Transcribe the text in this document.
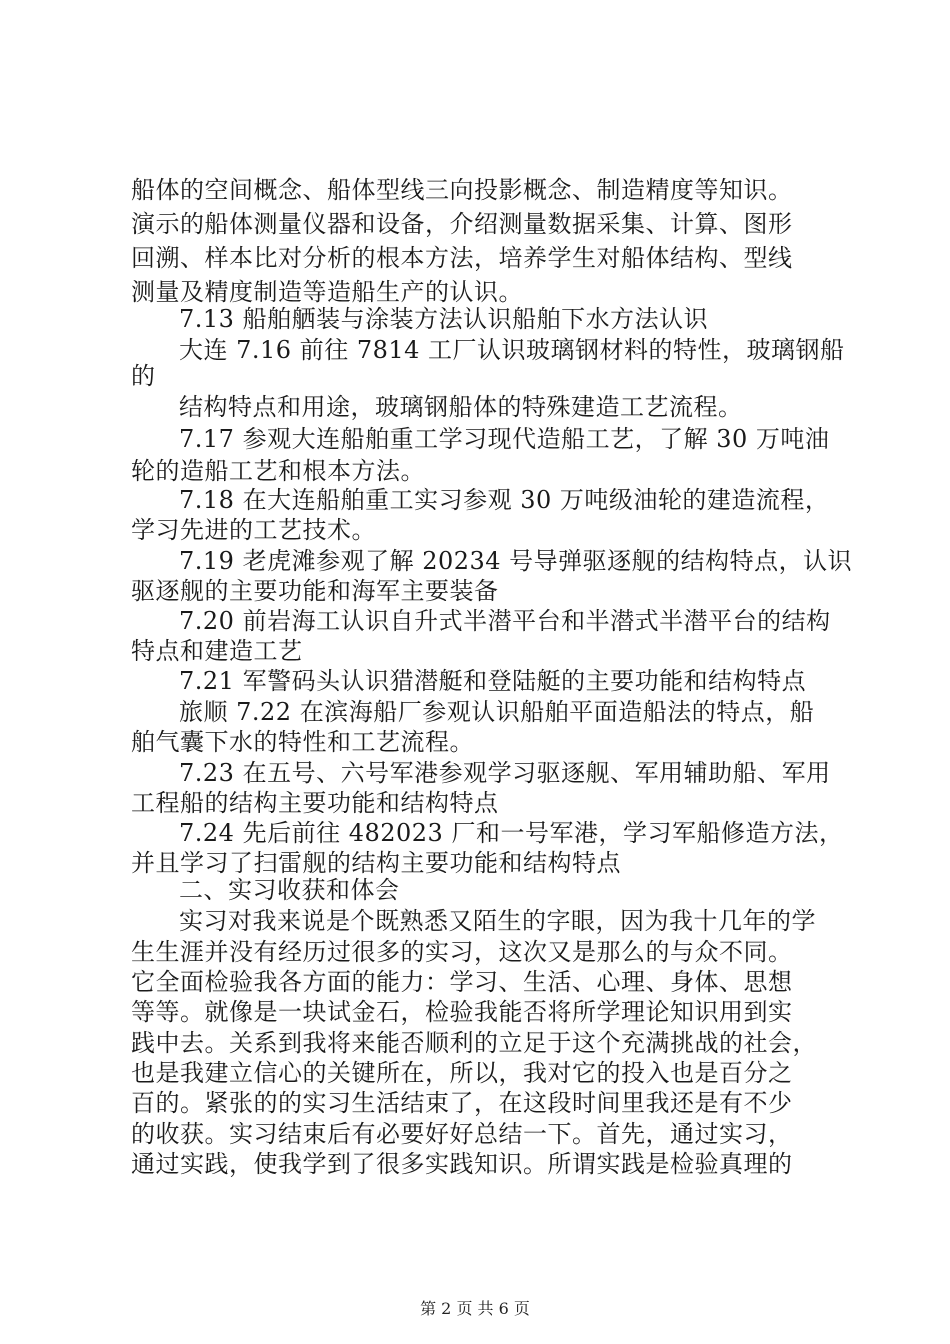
船体的空间概念、船体型线三向投影概念、制造精度等知识。
演示的船体测量仪器和设备，介绍测量数据采集、计算、图形
回溯、样本比对分析的根本方法，培养学生对船体结构、型线
测量及精度制造等造船生产的认识。
7.13 船舶舾装与涂装方法认识船舶下水方法认识
大连 7.16 前往 7814 工厂认识玻璃钢材料的特性，玻璃钢船
的
结构特点和用途，玻璃钢船体的特殊建造工艺流程。
7.17 参观大连船舶重工学习现代造船工艺，了解 30 万吨油
轮的造船工艺和根本方法。
7.18 在大连船舶重工实习参观 30 万吨级油轮的建造流程，
学习先进的工艺技术。
7.19 老虎滩参观了解 20234 号导弹驱逐舰的结构特点，认识
驱逐舰的主要功能和海军主要装备
7.20 前岩海工认识自升式半潜平台和半潜式半潜平台的结构
特点和建造工艺
7.21 军警码头认识猎潜艇和登陆艇的主要功能和结构特点
旅顺 7.22 在滨海船厂参观认识船舶平面造船法的特点，船
舶气囊下水的特性和工艺流程。
7.23 在五号、六号军港参观学习驱逐舰、军用辅助船、军用
工程船的结构主要功能和结构特点
7.24 先后前往 482023 厂和一号军港，学习军船修造方法，
并且学习了扫雷舰的结构主要功能和结构特点
二、实习收获和体会
实习对我来说是个既熟悉又陌生的字眼，因为我十几年的学
生生涯并没有经历过很多的实习，这次又是那么的与众不同。
它全面检验我各方面的能力：学习、生活、心理、身体、思想
等等。就像是一块试金石，检验我能否将所学理论知识用到实
践中去。关系到我将来能否顺利的立足于这个充满挑战的社会，
也是我建立信心的关键所在，所以，我对它的投入也是百分之
百的。紧张的的实习生活结束了，在这段时间里我还是有不少
的收获。实习结束后有必要好好总结一下。首先，通过实习，
通过实践，使我学到了很多实践知识。所谓实践是检验真理的
第 2 页 共 6 页
